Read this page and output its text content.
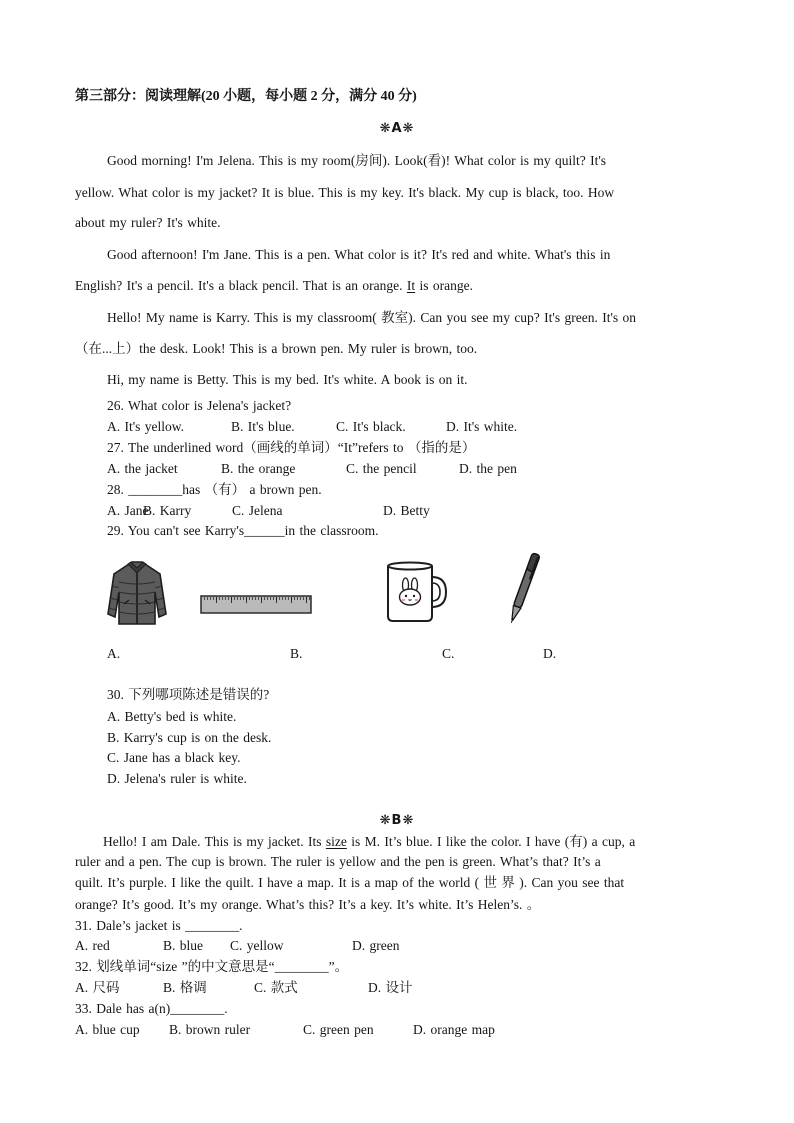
第三部分：阅读理解(20 小题，每小题 2 分，满分 40 分)
❋A❋
Good morning! I'm Jelena. This is my room(房间). Look(看)! What color is my quilt? It's
yellow. What color is my jacket? It is blue. This is my key. It's black. My cup is black, too. How
about my ruler? It's white.
Good afternoon! I'm Jane. This is a pen. What color is it? It's red and white. What's this in
English? It's a pencil. It's a black pencil. That is an orange. It is orange.
Hello! My name is Karry. This is my classroom( 教室). Can you see my cup? It's green. It's on
（在...上）the desk. Look! This is a brown pen. My ruler is brown, too.
Hi, my name is Betty. This is my bed. It's white. A book is on it.
26. What color is Jelena's jacket?
A. It's yellow.	B. It's blue.	C. It's black.	D. It's white.
27. The underlined word（画线的单词）“It”refers to （指的是）
A. the jacket	B. the orange	C. the pencil	D. the pen
28. ________has （有） a brown pen.
A. Jane
B. Karry	C. Jelena	D. Betty
29. You can't see Karry's______in the classroom.
A.	B.	C.	D.
30. 下列哪项陈述是错误的?
A. Betty's bed is white.
B. Karry's cup is on the desk.
C. Jane has a black key.
D. Jelena's ruler is white.
❋B❋
Hello! I am Dale. This is my jacket. Its size is M. It’s blue. I like the color. I have (有) a cup, a
ruler and a pen. The cup is brown. The ruler is yellow and the pen is green. What’s that? It’s a
quilt. It’s purple. I like the quilt. I have a map. It is a map of the world ( 世 界 ). Can you see that
orange? It’s good. It’s my orange. What’s this? It’s a key. It’s white. It’s Helen’s. 。
31. Dale’s jacket is ________.
A. red	B. blue C. yellow	D. green
32. 划线单词“size ”的中文意思是“________”。
A. 尺码	B. 格调	C. 款式	D. 设计
33. Dale has a(n)________.
A. blue cup B. brown ruler	C. green pen	D. orange map
